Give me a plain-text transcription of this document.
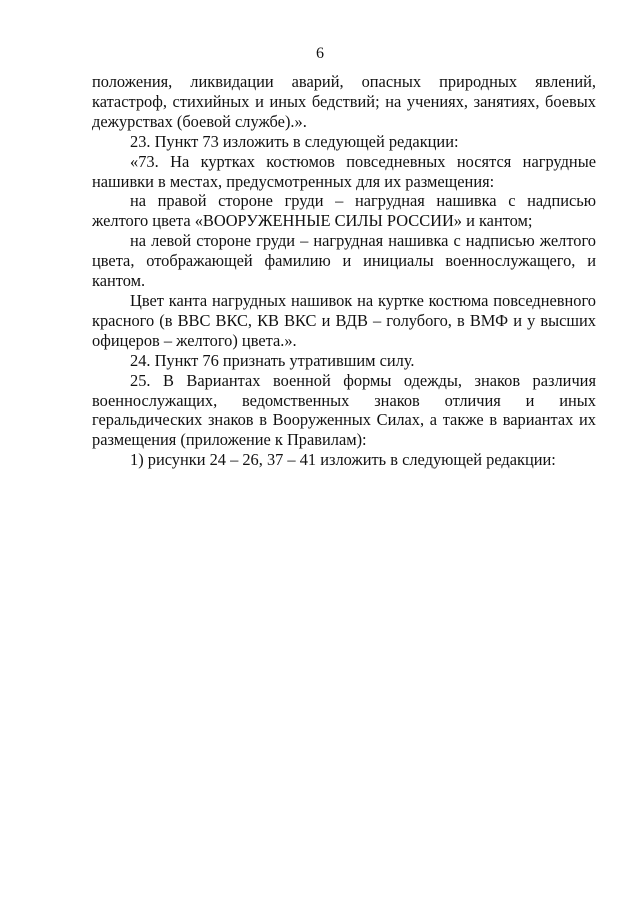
6

положения, ликвидации аварий, опасных природных явлений, катастроф, стихийных и иных бедствий; на учениях, занятиях, боевых дежурствах (боевой службе).».

23. Пункт 73 изложить в следующей редакции:

«73. На куртках костюмов повседневных носятся нагрудные нашивки в местах, предусмотренных для их размещения:

на правой стороне груди – нагрудная нашивка с надписью желтого цвета «ВООРУЖЕННЫЕ СИЛЫ РОССИИ» и кантом;

на левой стороне груди – нагрудная нашивка с надписью желтого цвета, отображающей фамилию и инициалы военнослужащего, и кантом.

Цвет канта нагрудных нашивок на куртке костюма повседневного красного (в ВВС ВКС, КВ ВКС и ВДВ – голубого, в ВМФ и у высших офицеров – желтого) цвета.».

24. Пункт 76 признать утратившим силу.

25. В Вариантах военной формы одежды, знаков различия военнослужащих, ведомственных знаков отличия и иных геральдических знаков в Вооруженных Силах, а также в вариантах их размещения (приложение к Правилам):

1) рисунки 24 – 26, 37 – 41 изложить в следующей редакции:
